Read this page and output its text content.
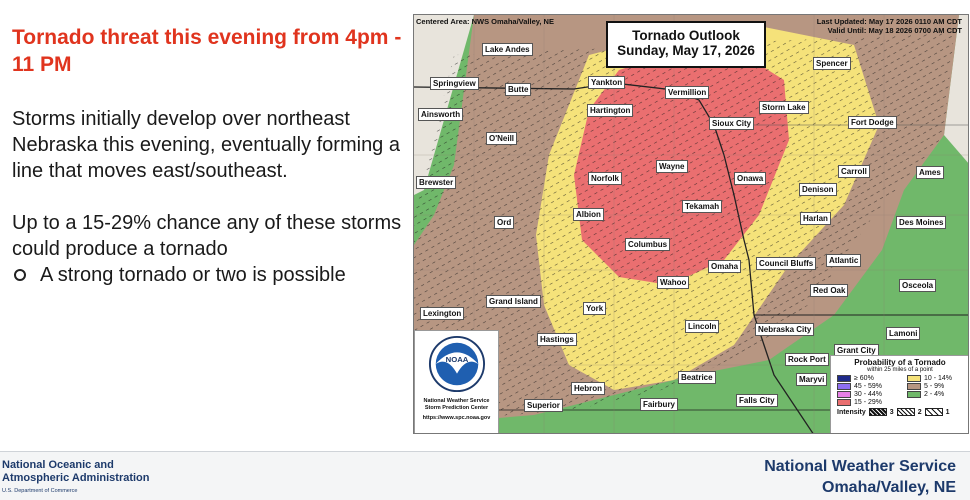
Tornado threat this evening from 4pm - 11 PM

Storms initially develop over northeast Nebraska this evening, eventually forming a line that moves east/southeast.

Up to a 15-29% chance any of these storms could produce a tornado

A strong tornado or two is possible
Centered Area: NWS Omaha/Valley, NE	Last Updated: May 17 2026 0110 AM CDT
Valid Until: May 18 2026 0700 AM CDT
Tornado Outlook
Sunday, May 17, 2026
Lake Andes
Spencer
Springview
Butte
Yankton
Vermillion
Ainsworth	Hartington	Storm Lake
Fort Dodge
O'Neill
Sioux City
Wayne
Carroll	Ames
Brewster	Norfolk	Onawa
Denison
Tekamah
Ord
Albion	Harlan	Des Moines
Columbus
Atlantic
Omaha	Council Bluffs
Wahoo
Red Oak
Osceola
Grand Island
York
Lexington
Lincoln	Nebraska City	Lamoni
Hastings
Grant City
Rock Port
Maryvi
Beatrice
Hebron
Superior	Fairbury	Falls City
NOAA
National Weather Service
Storm Prediction Center
https://www.spc.noaa.gov
Probability of a Tornado
within 25 miles of a point
≥ 60%	10 - 14%
45 - 59%	5 - 9%
30 - 44%	2 - 4%
15 - 29%
Intensity	3	2	1
National Oceanic and
Atmospheric Administration
U.S. Department of Commerce
National Weather Service
Omaha/Valley, NE
